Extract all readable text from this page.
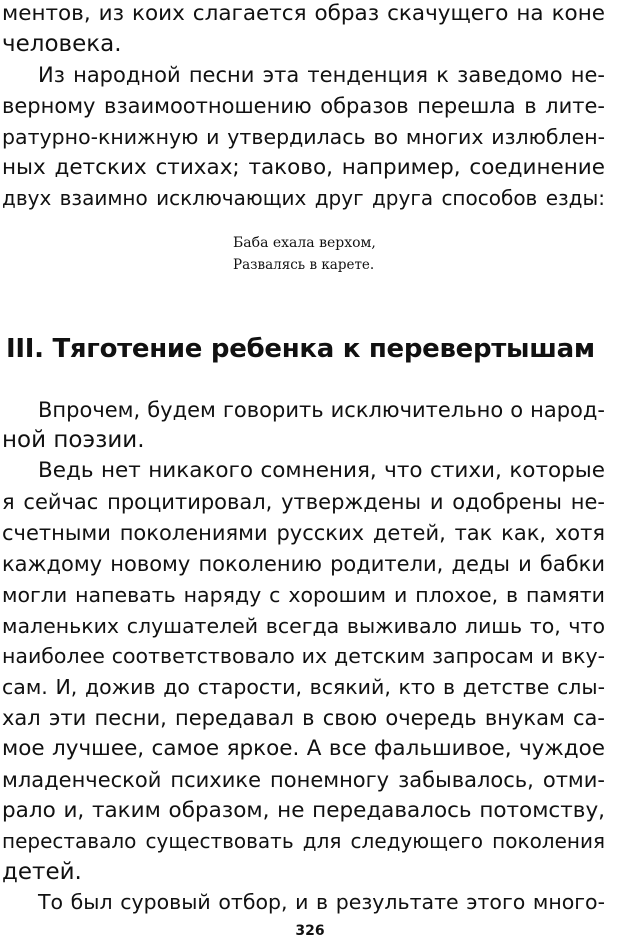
ментов, из коих слагается образ скачущего на коне
человека.
Из народной песни эта тенденция к заведомо не-
верному взаимоотношению образов перешла в лите-
ратурно-книжную и утвердилась во многих излюблен-
ных детских стихах; таково, например, соединение
двух взаимно исключающих друг друга способов езды:
Баба ехала верхом,
Развалясь в карете.
III. Тяготение ребенка к перевертышам
Впрочем, будем говорить исключительно о народ-
ной поэзии.
Ведь нет никакого сомнения, что стихи, которые
я сейчас процитировал, утверждены и одобрены не-
счетными поколениями русских детей, так как, хотя
каждому новому поколению родители, деды и бабки
могли напевать наряду с хорошим и плохое, в памяти
маленьких слушателей всегда выживало лишь то, что
наиболее соответствовало их детским запросам и вку-
сам. И, дожив до старости, всякий, кто в детстве слы-
хал эти песни, передавал в свою очередь внукам са-
мое лучшее, самое яркое. А все фальшивое, чуждое
младенческой психике понемногу забывалось, отми-
рало и, таким образом, не передавалось потомству,
переставало существовать для следующего поколения
детей.
То был суровый отбор, и в результате этого много-
326
